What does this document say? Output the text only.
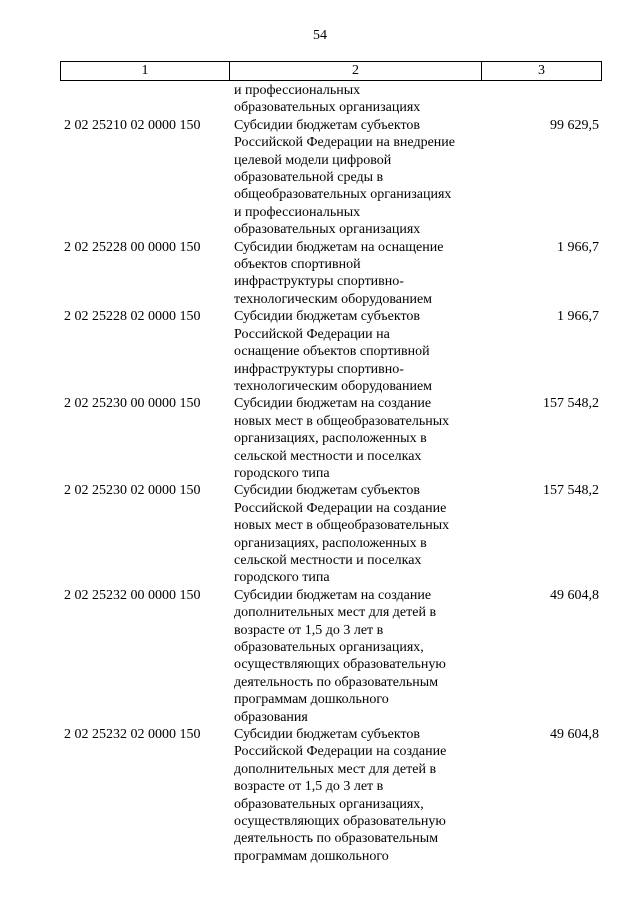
54
1	2	3
и профессиональных
образовательных организациях
2 02 25210 02 0000 150	Субсидии бюджетам субъектов
Российской Федерации на внедрение
целевой модели цифровой
образовательной среды в
общеобразовательных организациях
и профессиональных
образовательных организациях
99 629,5
2 02 25228 00 0000 150	Субсидии бюджетам на оснащение
объектов спортивной
инфраструктуры спортивно-
технологическим оборудованием
1 966,7
2 02 25228 02 0000 150	Субсидии бюджетам субъектов
Российской Федерации на
оснащение объектов спортивной
инфраструктуры спортивно-
технологическим оборудованием
1 966,7
2 02 25230 00 0000 150	Субсидии бюджетам на создание
новых мест в общеобразовательных
организациях, расположенных в
сельской местности и поселках
городского типа
157 548,2
2 02 25230 02 0000 150	Субсидии бюджетам субъектов
Российской Федерации на создание
новых мест в общеобразовательных
организациях, расположенных в
сельской местности и поселках
городского типа
157 548,2
2 02 25232 00 0000 150	Субсидии бюджетам на создание
дополнительных мест для детей в
возрасте от 1,5 до 3 лет в
образовательных организациях,
осуществляющих образовательную
деятельность по образовательным
программам дошкольного
образования
49 604,8
2 02 25232 02 0000 150	Субсидии бюджетам субъектов
Российской Федерации на создание
дополнительных мест для детей в
возрасте от 1,5 до 3 лет в
образовательных организациях,
осуществляющих образовательную
деятельность по образовательным
программам дошкольного
49 604,8
